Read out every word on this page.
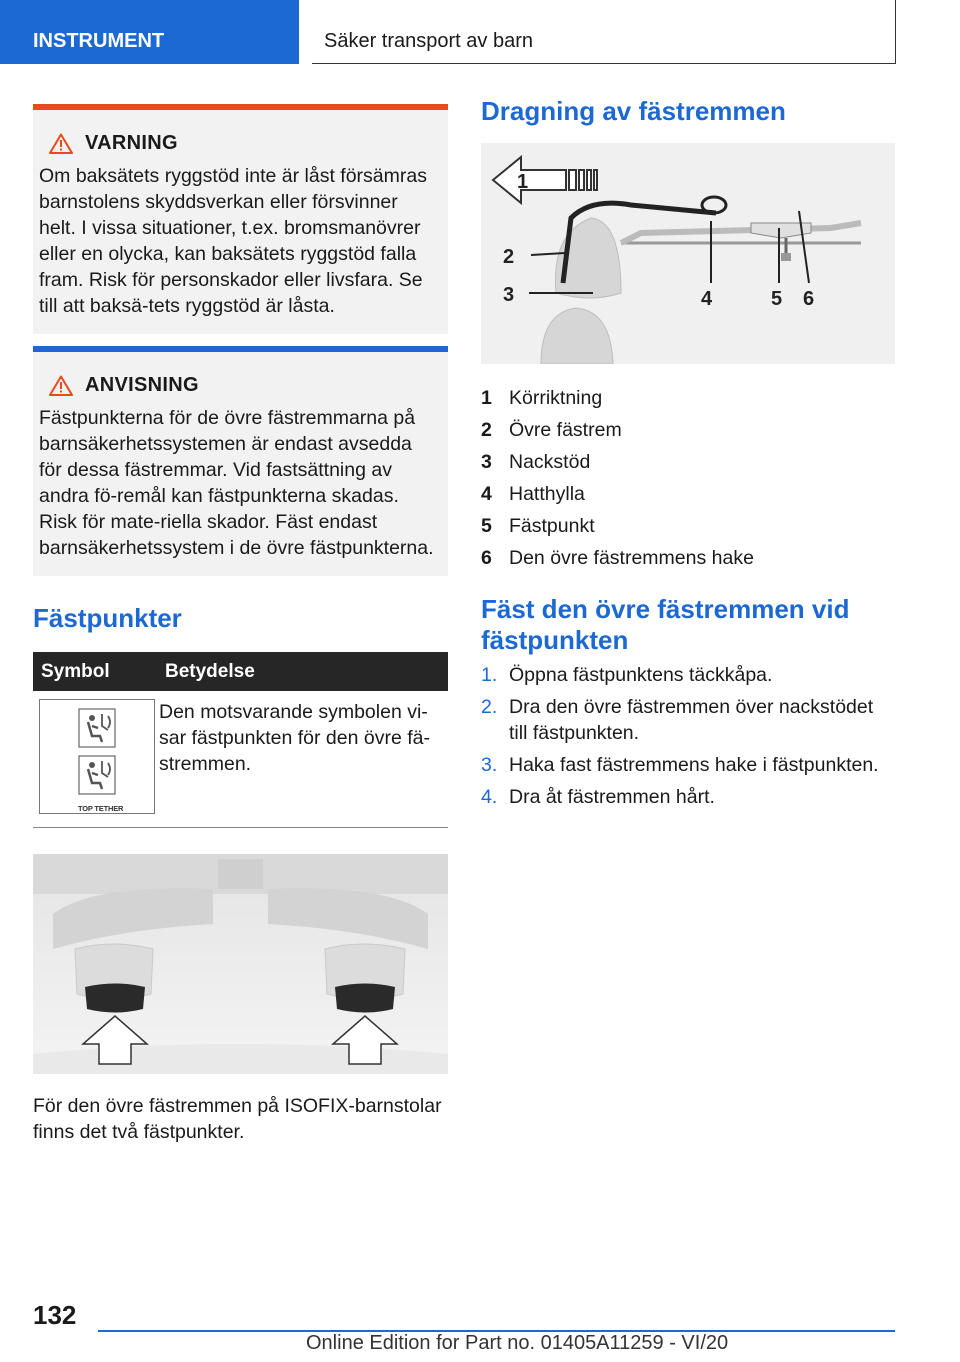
INSTRUMENT	Säker transport av barn
VARNING

Om baksätets ryggstöd inte är låst försämras barnstolens skyddsverkan eller försvinner helt. I vissa situationer, t.ex. bromsmanövrer eller en olycka, kan baksätets ryggstöd falla fram. Risk för personskador eller livsfara. Se till att baksä-tets ryggstöd är låsta.

ANVISNING

Fästpunkterna för de övre fästremmarna på barnsäkerhetssystemen är endast avsedda för dessa fästremmar. Vid fastsättning av andra fö-remål kan fästpunkterna skadas. Risk för mate-riella skador. Fäst endast barnsäkerhetssystem i de övre fästpunkterna.

Fästpunkter
Symbol	Betydelse

TOP TETHER	Den motsvarande symbolen vi-sar fästpunkten för den övre fä-stremmen.

För den övre fästremmen på ISOFIX-barnstolar finns det två fästpunkter.

Dragning av fästremmen
1
2
3	4	5 6
1 Körriktning
2 Övre fästrem
3 Nackstöd
4 Hatthylla
5 Fästpunkt
6 Den övre fästremmens hake
Fäst den övre fästremmen vid fästpunkten
1. Öppna fästpunktens täckkåpa.
2. Dra den övre fästremmen över nackstödet till fästpunkten.
3. Haka fast fästremmens hake i fästpunkten.
4. Dra åt fästremmen hårt.
132
Online Edition for Part no. 01405A11259 - VI/20
